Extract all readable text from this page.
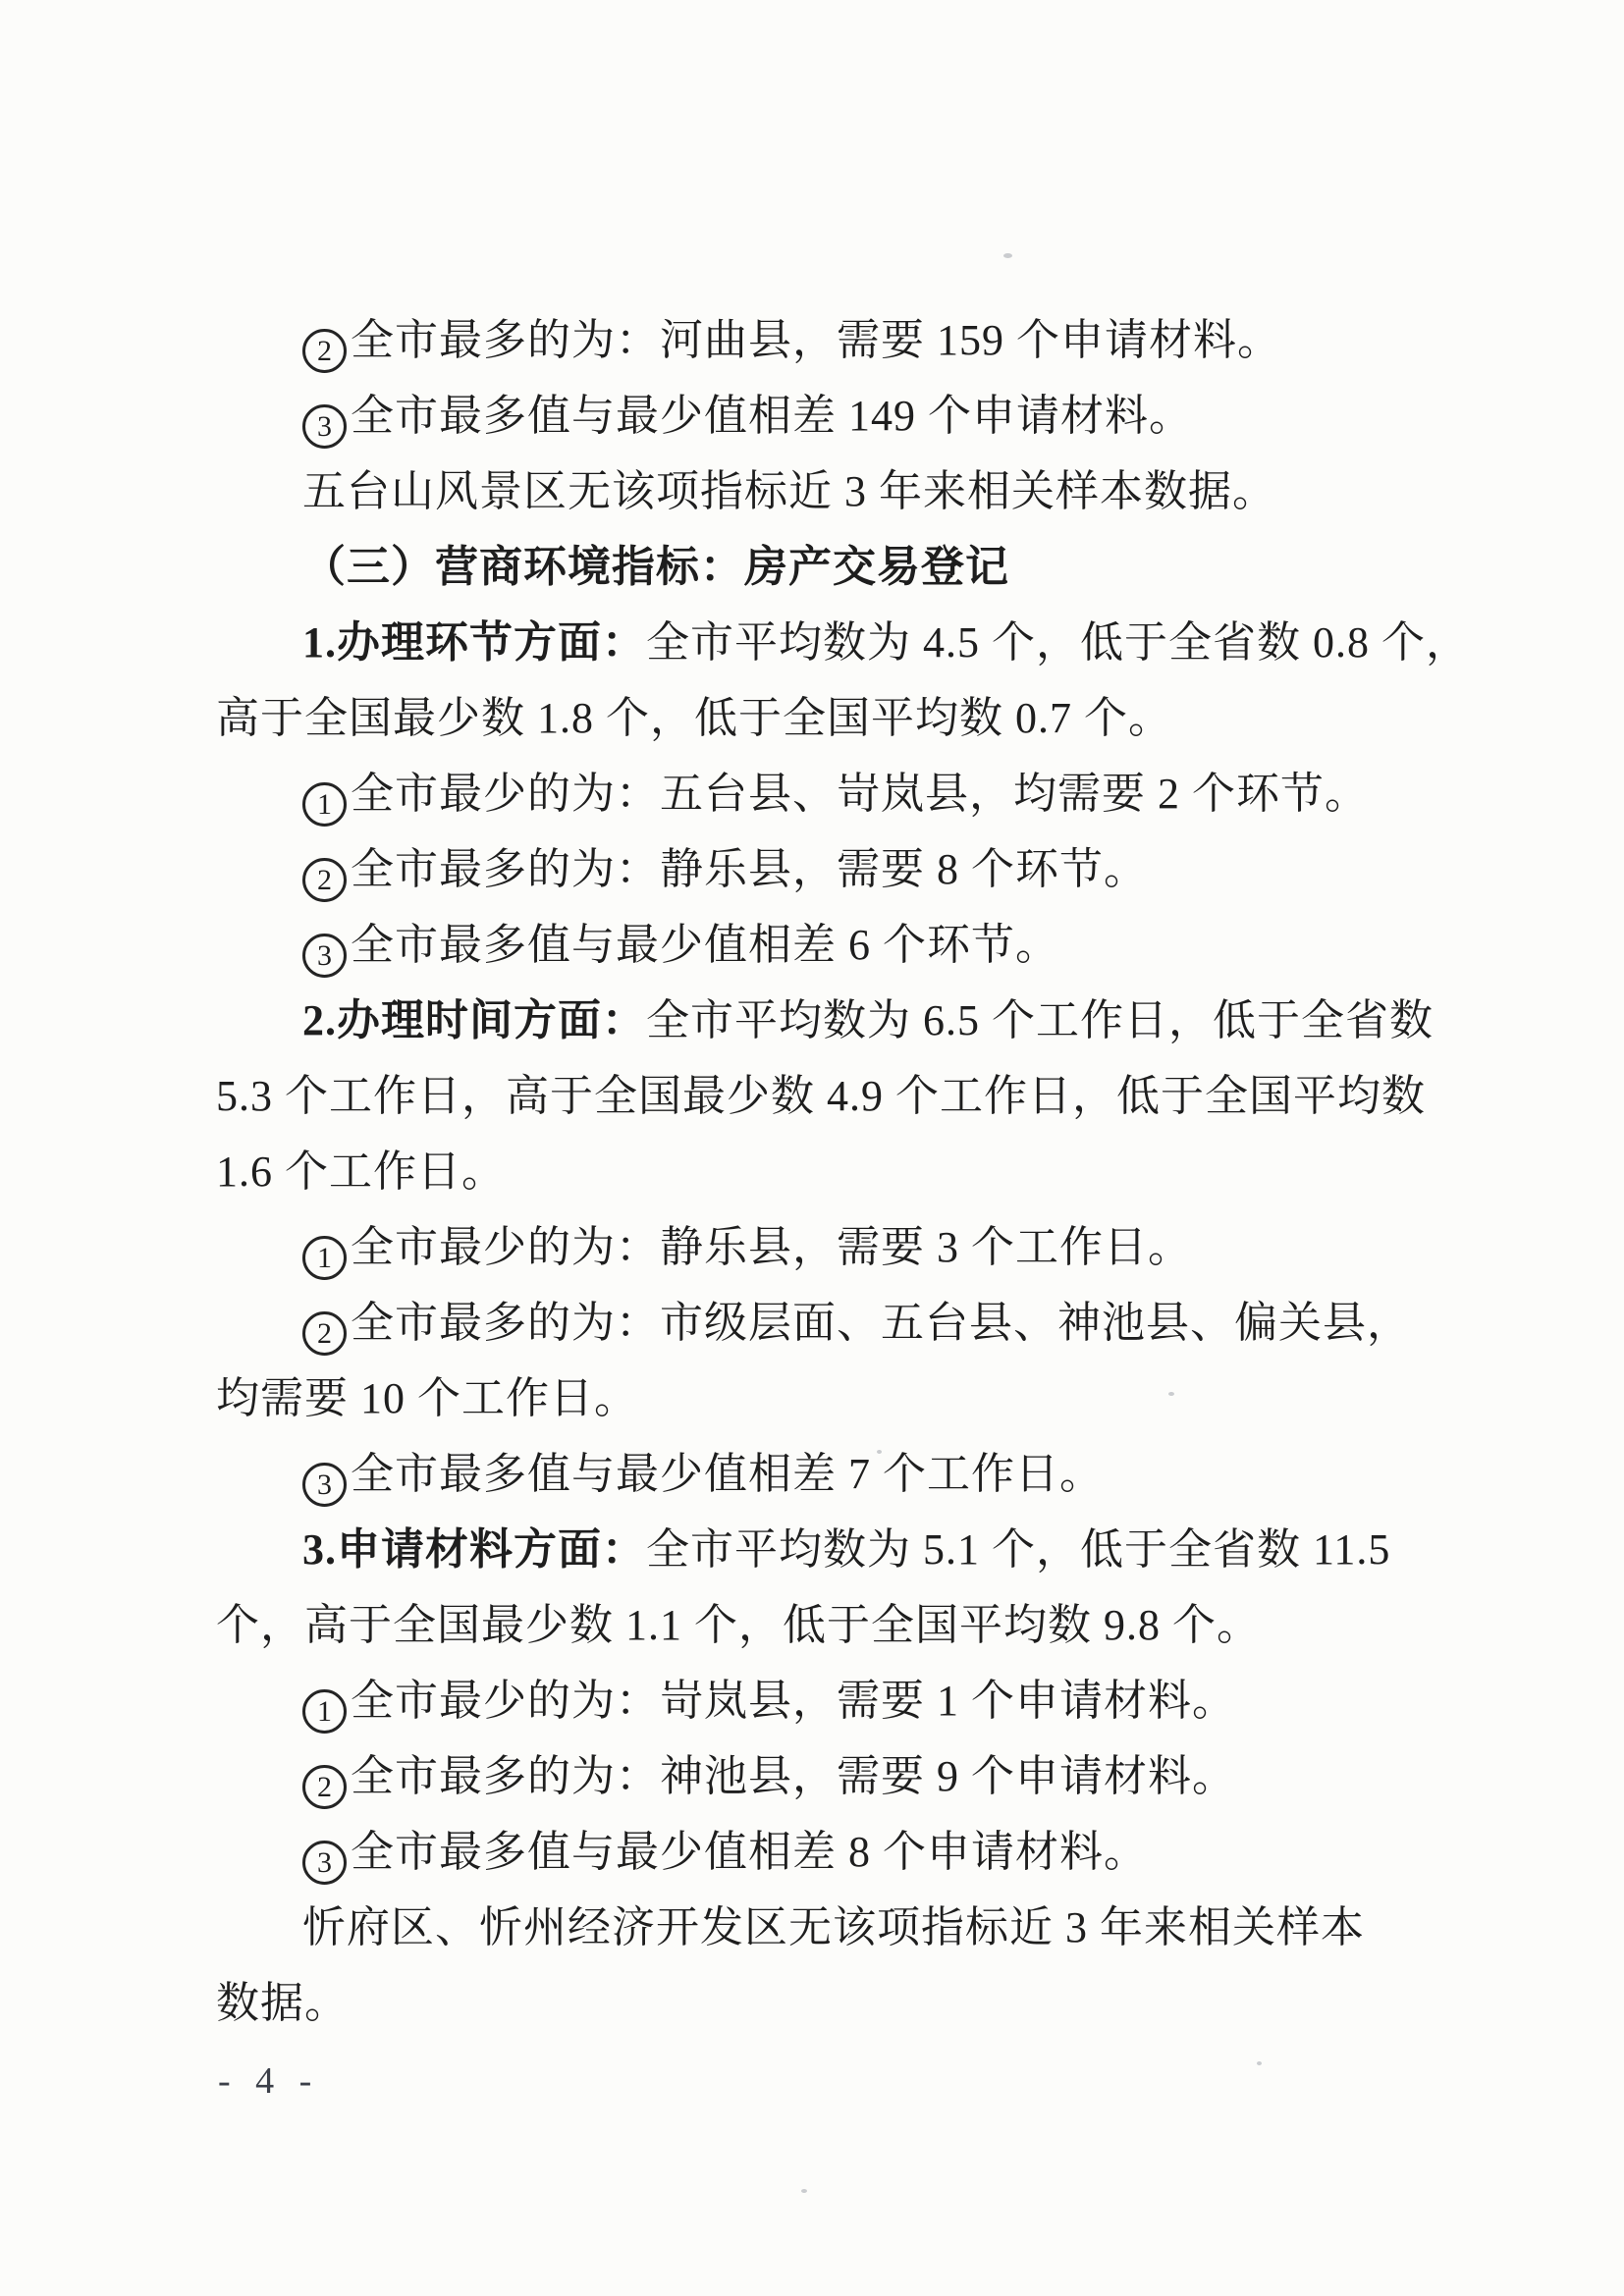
2 全市最多的为：河曲县，需要 159 个申请材料。
3 全市最多值与最少值相差 149 个申请材料。
五台山风景区无该项指标近 3 年来相关样本数据。
（三）营商环境指标：房产交易登记
1.办理环节方面：全市平均数为 4.5 个，低于全省数 0.8 个，
高于全国最少数 1.8 个，低于全国平均数 0.7 个。
1 全市最少的为：五台县、岢岚县，均需要 2 个环节。
2 全市最多的为：静乐县，需要 8 个环节。
3 全市最多值与最少值相差 6 个环节。
2.办理时间方面：全市平均数为 6.5 个工作日，低于全省数
5.3 个工作日，高于全国最少数 4.9 个工作日，低于全国平均数
1.6 个工作日。
1 全市最少的为：静乐县，需要 3 个工作日。
2 全市最多的为：市级层面、五台县、神池县、偏关县，
均需要 10 个工作日。
3 全市最多值与最少值相差 7 个工作日。
3.申请材料方面：全市平均数为 5.1 个，低于全省数 11.5
个，高于全国最少数 1.1 个，低于全国平均数 9.8 个。
1 全市最少的为：岢岚县，需要 1 个申请材料。
2 全市最多的为：神池县，需要 9 个申请材料。
3 全市最多值与最少值相差 8 个申请材料。
忻府区、忻州经济开发区无该项指标近 3 年来相关样本
数据。
- 4 -
